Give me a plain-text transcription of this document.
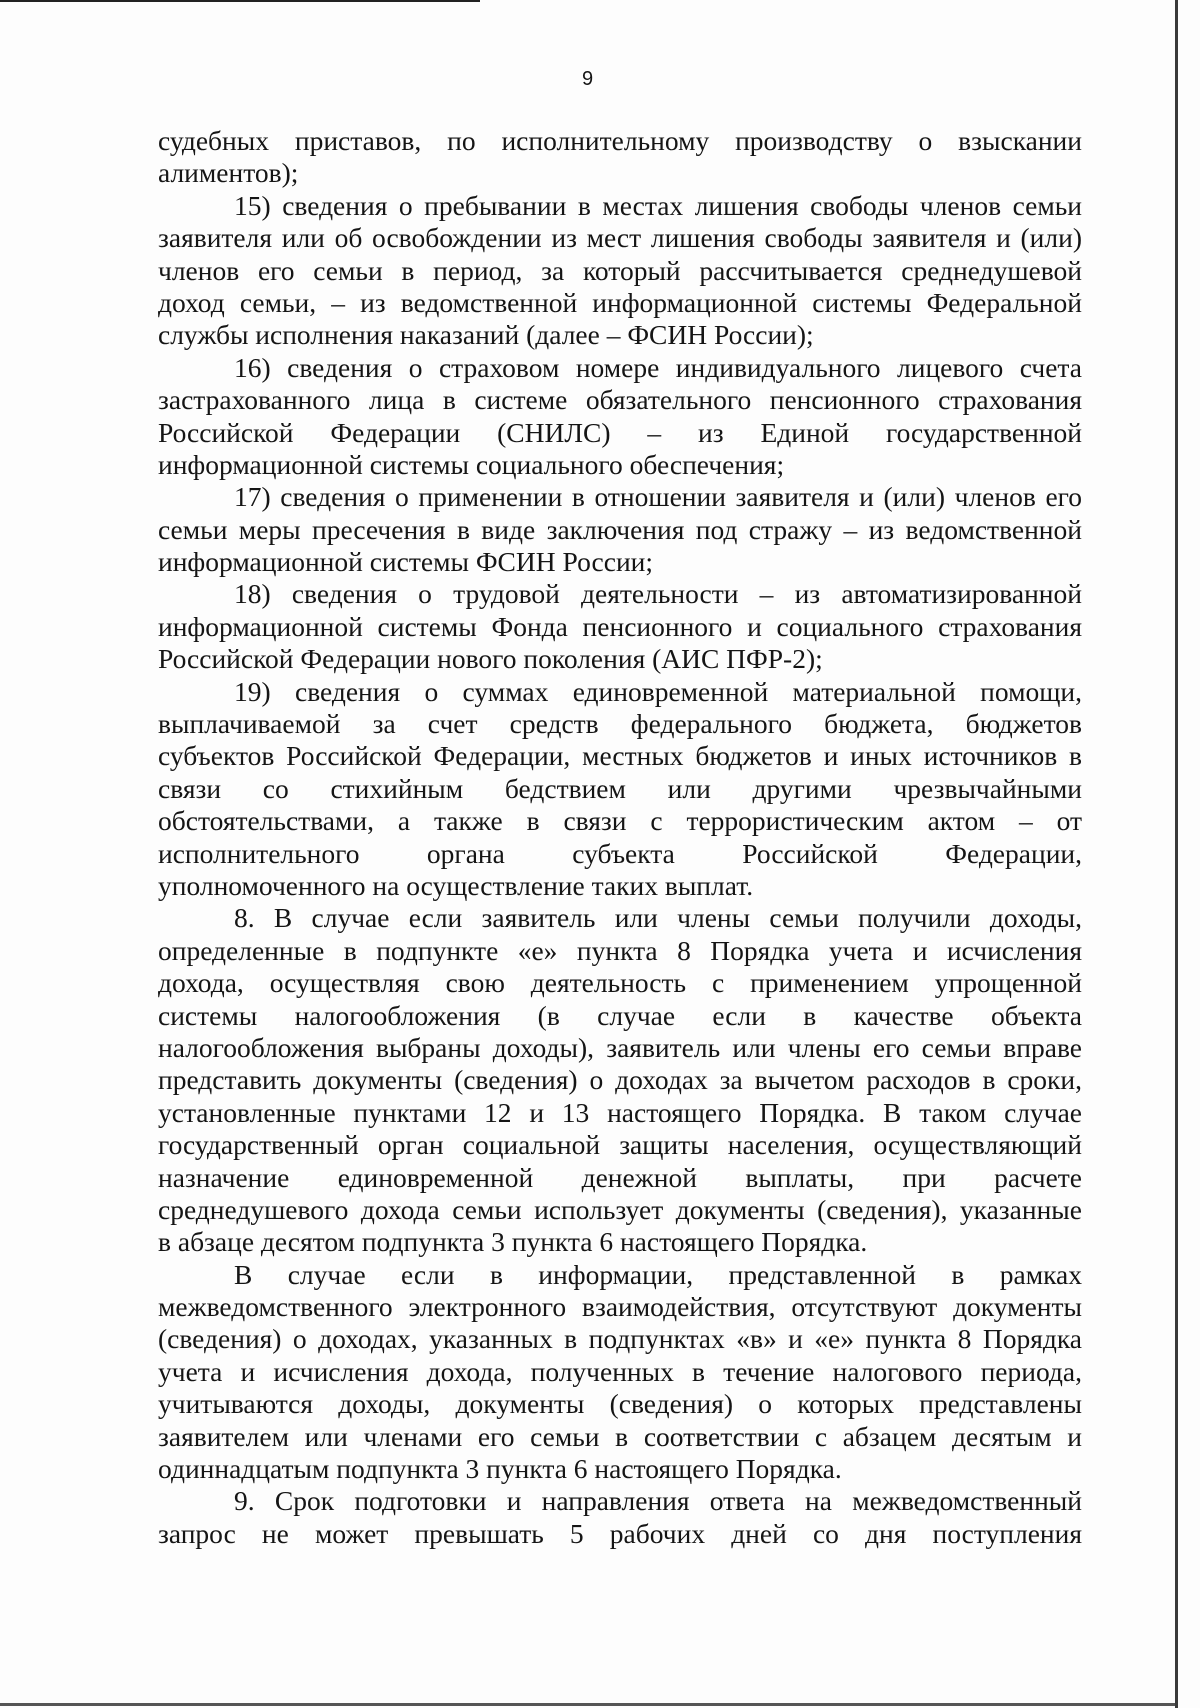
9
судебных приставов, по исполнительному производству о взыскании
алиментов);
15) сведения о пребывании в местах лишения свободы членов семьи
заявителя или об освобождении из мест лишения свободы заявителя и (или)
членов его семьи в период, за который рассчитывается среднедушевой
доход семьи, – из ведомственной информационной системы Федеральной
службы исполнения наказаний (далее – ФСИН России);
16) сведения о страховом номере индивидуального лицевого счета
застрахованного лица в системе обязательного пенсионного страхования
Российской Федерации (СНИЛС) – из Единой государственной
информационной системы социального обеспечения;
17) сведения о применении в отношении заявителя и (или) членов его
семьи меры пресечения в виде заключения под стражу – из ведомственной
информационной системы ФСИН России;
18) сведения о трудовой деятельности – из автоматизированной
информационной системы Фонда пенсионного и социального страхования
Российской Федерации нового поколения (АИС ПФР-2);
19) сведения о суммах единовременной материальной помощи,
выплачиваемой за счет средств федерального бюджета, бюджетов
субъектов Российской Федерации, местных бюджетов и иных источников в
связи со стихийным бедствием или другими чрезвычайными
обстоятельствами, а также в связи с террористическим актом – от
исполнительного органа субъекта Российской Федерации,
уполномоченного на осуществление таких выплат.
8. В случае если заявитель или члены семьи получили доходы,
определенные в подпункте «е» пункта 8 Порядка учета и исчисления
дохода, осуществляя свою деятельность с применением упрощенной
системы налогообложения (в случае если в качестве объекта
налогообложения выбраны доходы), заявитель или члены его семьи вправе
представить документы (сведения) о доходах за вычетом расходов в сроки,
установленные пунктами 12 и 13 настоящего Порядка. В таком случае
государственный орган социальной защиты населения, осуществляющий
назначение единовременной денежной выплаты, при расчете
среднедушевого дохода семьи использует документы (сведения), указанные
в абзаце десятом подпункта 3 пункта 6 настоящего Порядка.
В случае если в информации, представленной в рамках
межведомственного электронного взаимодействия, отсутствуют документы
(сведения) о доходах, указанных в подпунктах «в» и «е» пункта 8 Порядка
учета и исчисления дохода, полученных в течение налогового периода,
учитываются доходы, документы (сведения) о которых представлены
заявителем или членами его семьи в соответствии с абзацем десятым и
одиннадцатым подпункта 3 пункта 6 настоящего Порядка.
9. Срок подготовки и направления ответа на межведомственный
запрос не может превышать 5 рабочих дней со дня поступления
